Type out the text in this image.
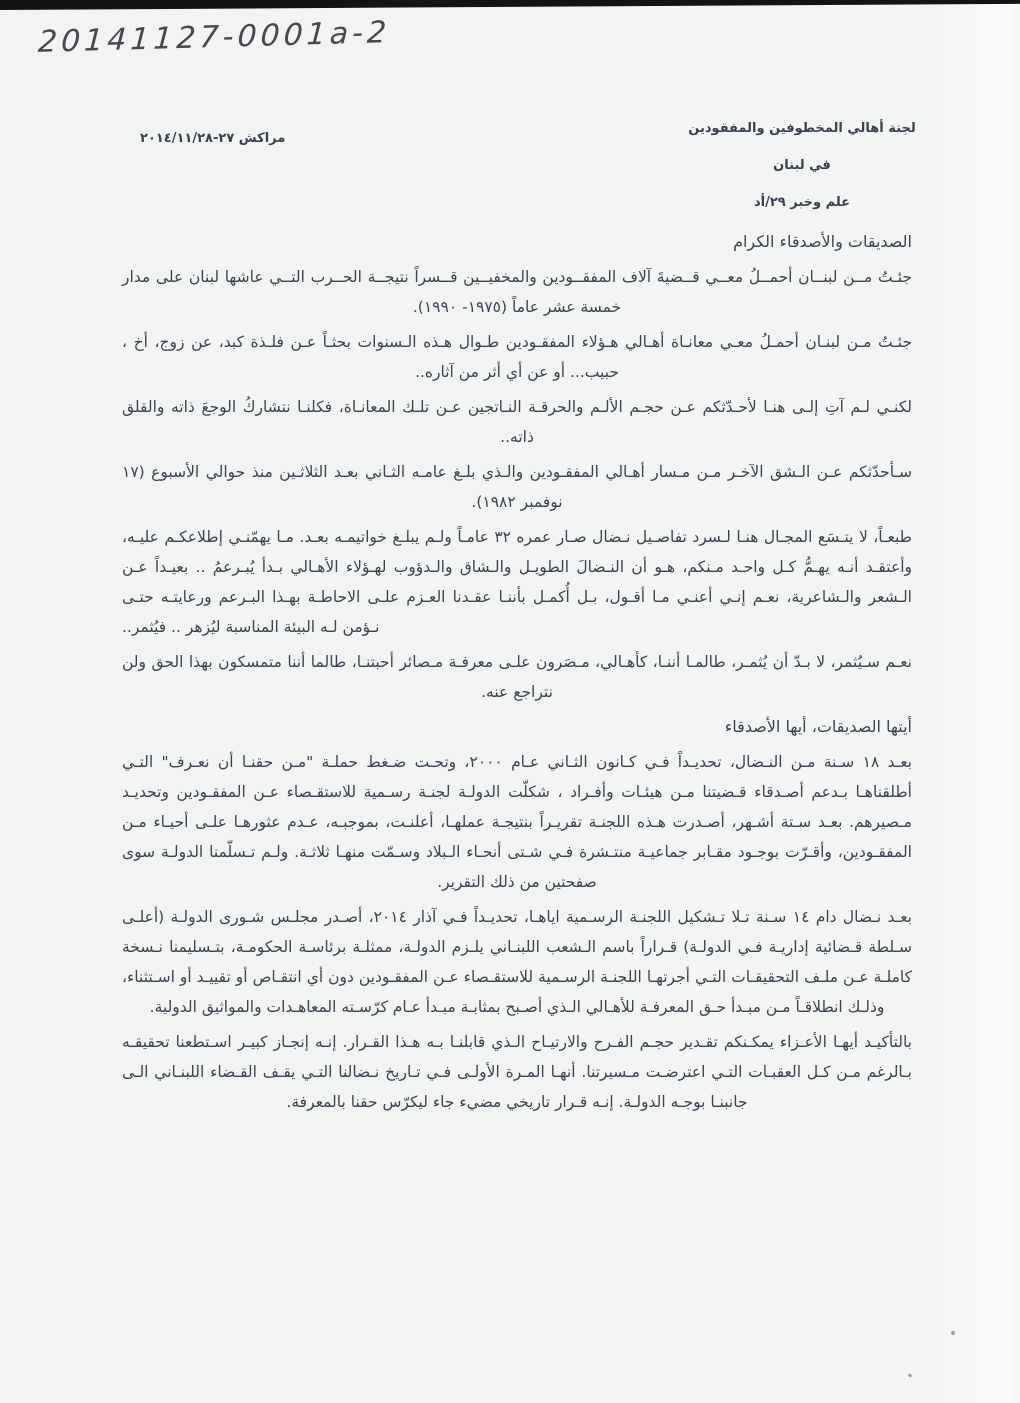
20141127-0001a-2
لجنة أهالي المخطوفين والمفقودين
في لبنان
علم وخبر ٢٩/أد
مراكش ٢٧-٢٠١٤/١١/٢٨

الصديقات والأصدقاء الكرام

جئـتُ مــن لبنــان أحمــلُ معــي قــضيةَ آلاف المفقــودين والمخفيــين قــسراً نتيجــة الحــرب التــي عاشها لبنان على مدار خمسة عشر عاماً (١٩٧٥- ١٩٩٠).

جئـتُ مـن لبنـان أحمـلُ معـي معانـاة أهـالي هـؤلاء المفقـودين طـوال هـذه الـسنوات بحثـاً عـن فلـذة كبد، عن زوج، أخ ، حبيب... أو عن أي أثر من آثاره..

لكنـي لـم آتِ إلـى هنـا لأحـدّثكم عـن حجـم الألـم والحرقـة النـاتجين عـن تلـك المعانـاة، فكلنـا نتشاركُ الوجعَ ذاته والقلق ذاته..

سـأحدّثكم عـن الـشق الآخـر مـن مـسار أهـالي المفقـودين والـذي بلـغ عامـه الثـاني بعـد الثلاثـين منذ حوالي الأسبوع (١٧ نوفمبر ١٩٨٢).

طبعـاً، لا يتـسَع المجـال هنـا لـسرد تفاصـيل نـضال صـار عمره ٣٢ عامـاً ولـم يبلـغ خواتيمـه بعـد. مـا يهمّنـي إطلاعكـم عليـه، وأعتقـد أنـه يهـمُّ كـل واحـد مـنكم، هـو أن النـضالَ الطويـل والـشاق والـدؤوب لهـؤلاء الأهـالي بـدأ يُبـرعمُ .. بعيـداً عـن الـشعر والـشاعرية، نعـم إنـي أعنـي مـا أقـول، بـل أُكمـل بأننـا عقـدنا العـزم علـى الاحاطـة بهـذا البـرعم ورعايتـه حتـى نـؤمن لـه البيئة المناسبة ليُزهر .. فيُثمر..

نعـم سـيُثمر، لا بـدّ أن يُثمـر، طالمـا أننـا، كأهـالي، مـصَرون علـى معرفـة مـصائر أحبتنـا، طالما أننا متمسكون بهذا الحق ولن نتراجع عنه.

أيتها الصديقات، أيها الأصدقاء

بعـد ١٨ سـنة مـن النـضال، تحديـداً فـي كـانون الثـاني عـام ٢٠٠٠، وتحـت ضـغط حملـة "مـن حقنـا أن نعـرف" التـي أطلقناهـا بـدعم أصـدقاء قـضيتنا مـن هيئـات وأفـراد ، شكلّت الدولـة لجنـة رسـمية للاستقـصاء عـن المفقـودين وتحديـد مـصيرهم. بعـد سـتة أشـهر، أصـدرت هـذه اللجنـة تقريـراً بنتيجـة عملهـا، أعلنـت، بموجبـه، عـدم عثورهـا علـى أحيـاء مـن المفقـودين، وأقـرّت بوجـود مقـابر جماعيـة منتـشرة فـي شـتى أنحـاء الـبلاد وسـمّت منهـا ثلاثـة. ولـم تـسلّمنا الدولـة سوى صفحتين من ذلك التقرير.

بعـد نـضال دام ١٤ سـنة تـلا تـشكيل اللجنـة الرسـمية اياهـا، تحديـداً فـي آذار ٢٠١٤، أصـدر مجلـس شـورى الدولـة (أعلـى سـلطة قـضائية إداريـة فـي الدولـة) قـراراً باسم الـشعب اللبنـاني يلـزم الدولـة، ممثلـة برئاسـة الحكومـة، بتـسليمنا نـسخة كاملـة عـن ملـف التحقيقـات التـي أجرتهـا اللجنـة الرسـمية للاستقـصاء عـن المفقـودين دون أي انتقـاص أو تقييـد أو اسـتثناء، وذلـك انطلاقـاً مـن مبـدأ حـق المعرفـة للأهـالي الـذي أصـبح بمثابـة مبـدأ عـام كرّسـته المعاهـدات والمواثيق الدولية.

بالتأكيـد أيهـا الأعـزاء يمكـنكم تقـدير حجـم الفـرح والارتيـاح الـذي قابلنـا بـه هـذا القـرار. إنـه إنجـاز كبيـر اسـتطعنا تحقيقـه بـالرغم مـن كـل العقبـات التـي اعترضـت مـسيرتنا. أنهـا المـرة الأولـى فـي تـاريخ نـضالنا التـي يقـف القـضاء اللبنـاني الـى جانبنـا بوجـه الدولـة. إنـه قـرار تاريخي مضيء جاء ليكرّس حقنا بالمعرفة.
